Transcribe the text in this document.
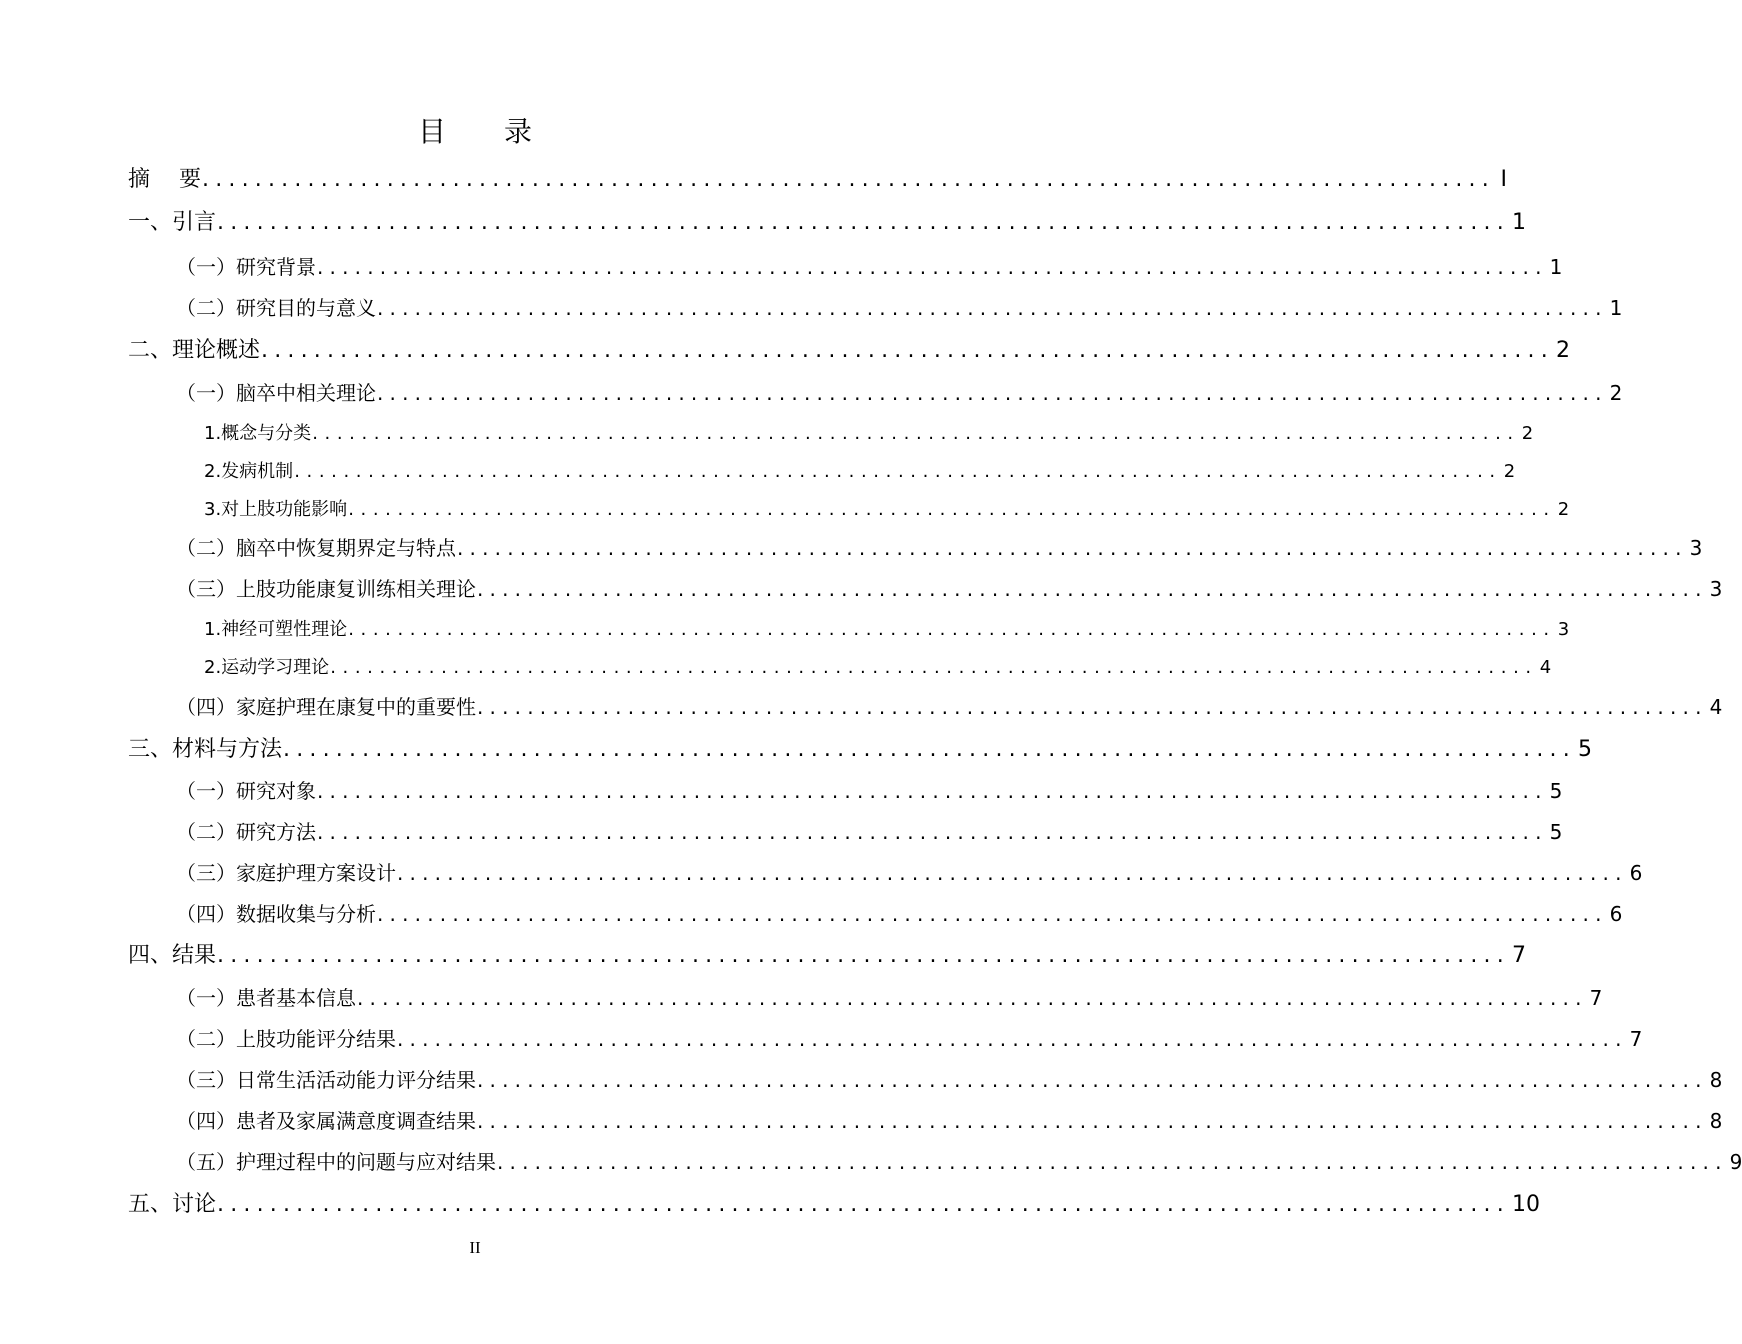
目 录
摘　 要 .................................................................................................. I
一、引言 .................................................................................................. 1
（一）研究背景 .................................................................................................. 1
（二）研究目的与意义 .................................................................................................. 1
二、理论概述 .................................................................................................. 2
（一）脑卒中相关理论 .................................................................................................. 2
1.概念与分类 .................................................................................................. 2
2.发病机制 .................................................................................................. 2
3.对上肢功能影响 .................................................................................................. 2
（二）脑卒中恢复期界定与特点 .................................................................................................. 3
（三）上肢功能康复训练相关理论 .................................................................................................. 3
1.神经可塑性理论 .................................................................................................. 3
2.运动学习理论 .................................................................................................. 4
（四）家庭护理在康复中的重要性 .................................................................................................. 4
三、材料与方法 .................................................................................................. 5
（一）研究对象 .................................................................................................. 5
（二）研究方法 .................................................................................................. 5
（三）家庭护理方案设计 .................................................................................................. 6
（四）数据收集与分析 .................................................................................................. 6
四、结果 .................................................................................................. 7
（一）患者基本信息 .................................................................................................. 7
（二）上肢功能评分结果 .................................................................................................. 7
（三）日常生活活动能力评分结果 .................................................................................................. 8
（四）患者及家属满意度调查结果 .................................................................................................. 8
（五）护理过程中的问题与应对结果 .................................................................................................. 9
五、讨论 .................................................................................................. 10
II
